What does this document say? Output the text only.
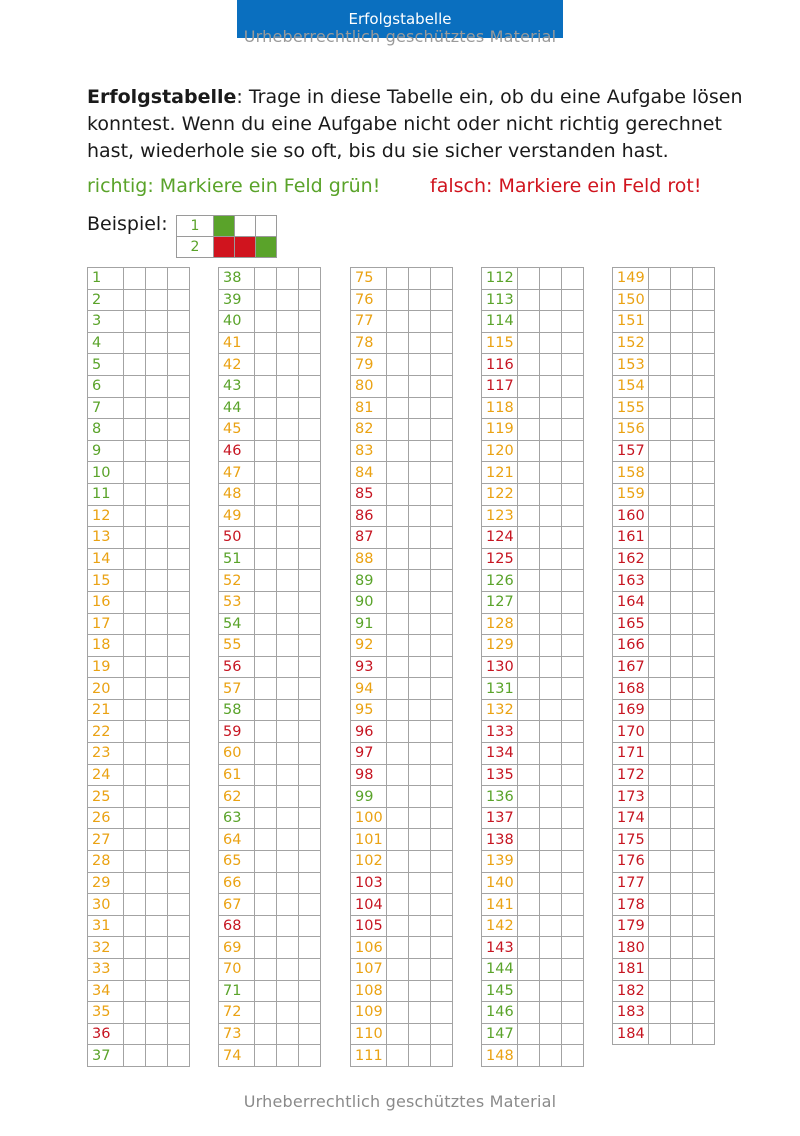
Erfolgstabelle
Urheberrechtlich geschütztes Material
Erfolgstabelle: Trage in diese Tabelle ein, ob du eine Aufgabe lösen konntest. Wenn du eine Aufgabe nicht oder nicht richtig gerechnet hast, wiederhole sie so oft, bis du sie sicher verstanden hast.
richtig: Markiere ein Feld grün!	falsch: Markiere ein Feld rot!
Beispiel: 1			
2			
1			
2			
3			
4			
5			
6			
7			
8			
9			
10			
11			
12			
13			
14			
15			
16			
17			
18			
19			
20			
21			
22			
23			
24			
25			
26			
27			
28			
29			
30			
31			
32			
33			
34			
35			
36			
37			
38			
39			
40			
41			
42			
43			
44			
45			
46			
47			
48			
49			
50			
51			
52			
53			
54			
55			
56			
57			
58			
59			
60			
61			
62			
63			
64			
65			
66			
67			
68			
69			
70			
71			
72			
73			
74			
75			
76			
77			
78			
79			
80			
81			
82			
83			
84			
85			
86			
87			
88			
89			
90			
91			
92			
93			
94			
95			
96			
97			
98			
99			
100			
101			
102			
103			
104			
105			
106			
107			
108			
109			
110			
111			
112			
113			
114			
115			
116			
117			
118			
119			
120			
121			
122			
123			
124			
125			
126			
127			
128			
129			
130			
131			
132			
133			
134			
135			
136			
137			
138			
139			
140			
141			
142			
143			
144			
145			
146			
147			
148			
149			
150			
151			
152			
153			
154			
155			
156			
157			
158			
159			
160			
161			
162			
163			
164			
165			
166			
167			
168			
169			
170			
171			
172			
173			
174			
175			
176			
177			
178			
179			
180			
181			
182			
183			
184			
Urheberrechtlich geschütztes Material
